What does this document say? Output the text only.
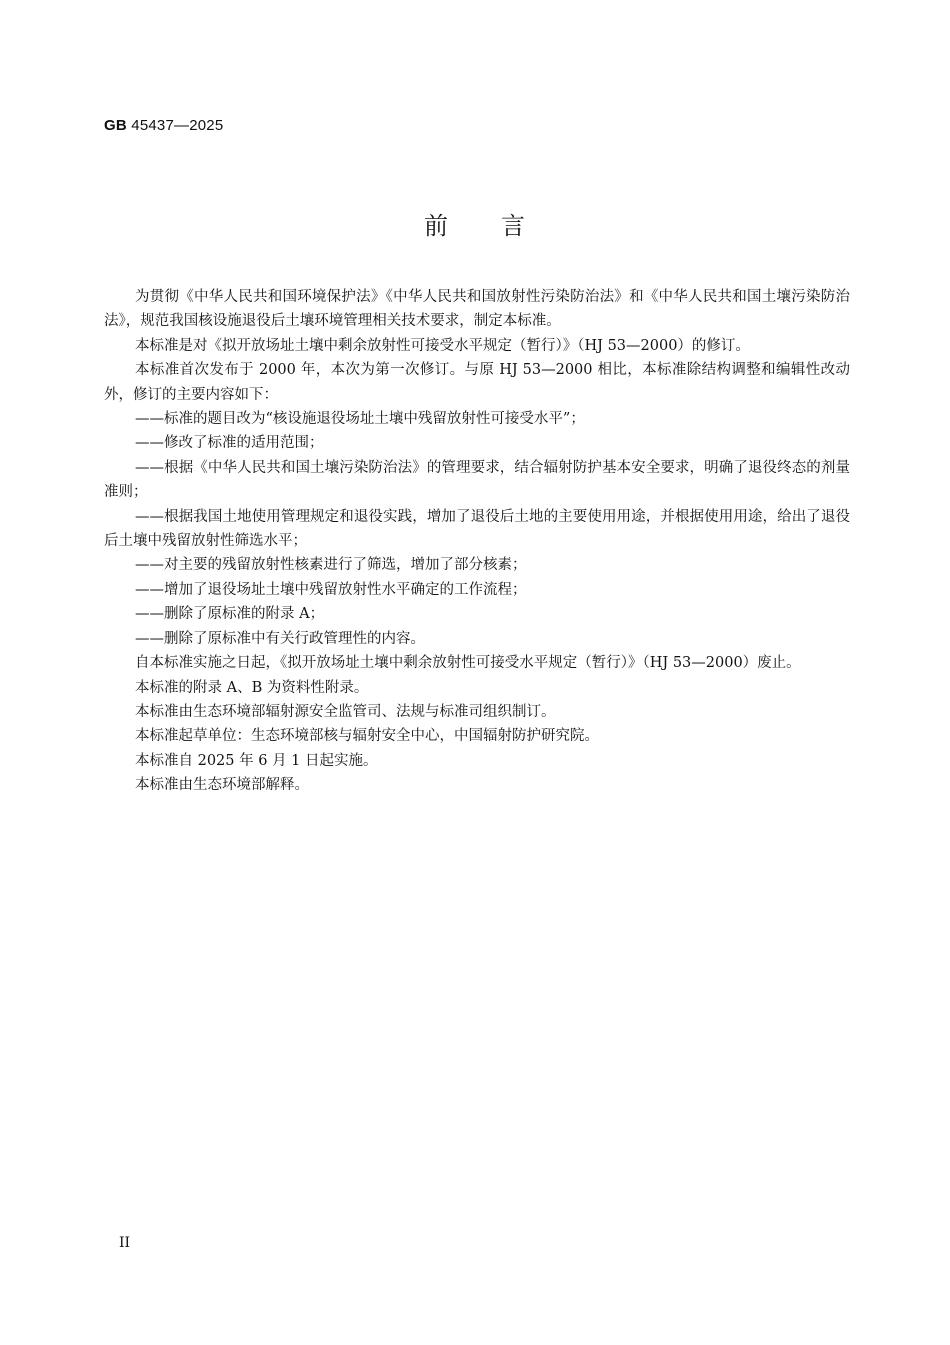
GB 45437—2025
前 言

为贯彻《中华人民共和国环境保护法》《中华人民共和国放射性污染防治法》和《中华人民共和国土壤污染防治法》，规范我国核设施退役后土壤环境管理相关技术要求，制定本标准。

本标准是对《拟开放场址土壤中剩余放射性可接受水平规定（暂行）》（HJ 53—2000）的修订。

本标准首次发布于 2000 年，本次为第一次修订。与原 HJ 53—2000 相比，本标准除结构调整和编辑性改动外，修订的主要内容如下：

——标准的题目改为“核设施退役场址土壤中残留放射性可接受水平”；

——修改了标准的适用范围；

——根据《中华人民共和国土壤污染防治法》的管理要求，结合辐射防护基本安全要求，明确了退役终态的剂量准则；

——根据我国土地使用管理规定和退役实践，增加了退役后土地的主要使用用途，并根据使用用途，给出了退役后土壤中残留放射性筛选水平；

——对主要的残留放射性核素进行了筛选，增加了部分核素；

——增加了退役场址土壤中残留放射性水平确定的工作流程；

——删除了原标准的附录 A；

——删除了原标准中有关行政管理性的内容。

自本标准实施之日起，《拟开放场址土壤中剩余放射性可接受水平规定（暂行）》（HJ 53—2000）废止。

本标准的附录 A、B 为资料性附录。

本标准由生态环境部辐射源安全监管司、法规与标准司组织制订。

本标准起草单位：生态环境部核与辐射安全中心，中国辐射防护研究院。

本标准自 2025 年 6 月 1 日起实施。

本标准由生态环境部解释。

II
